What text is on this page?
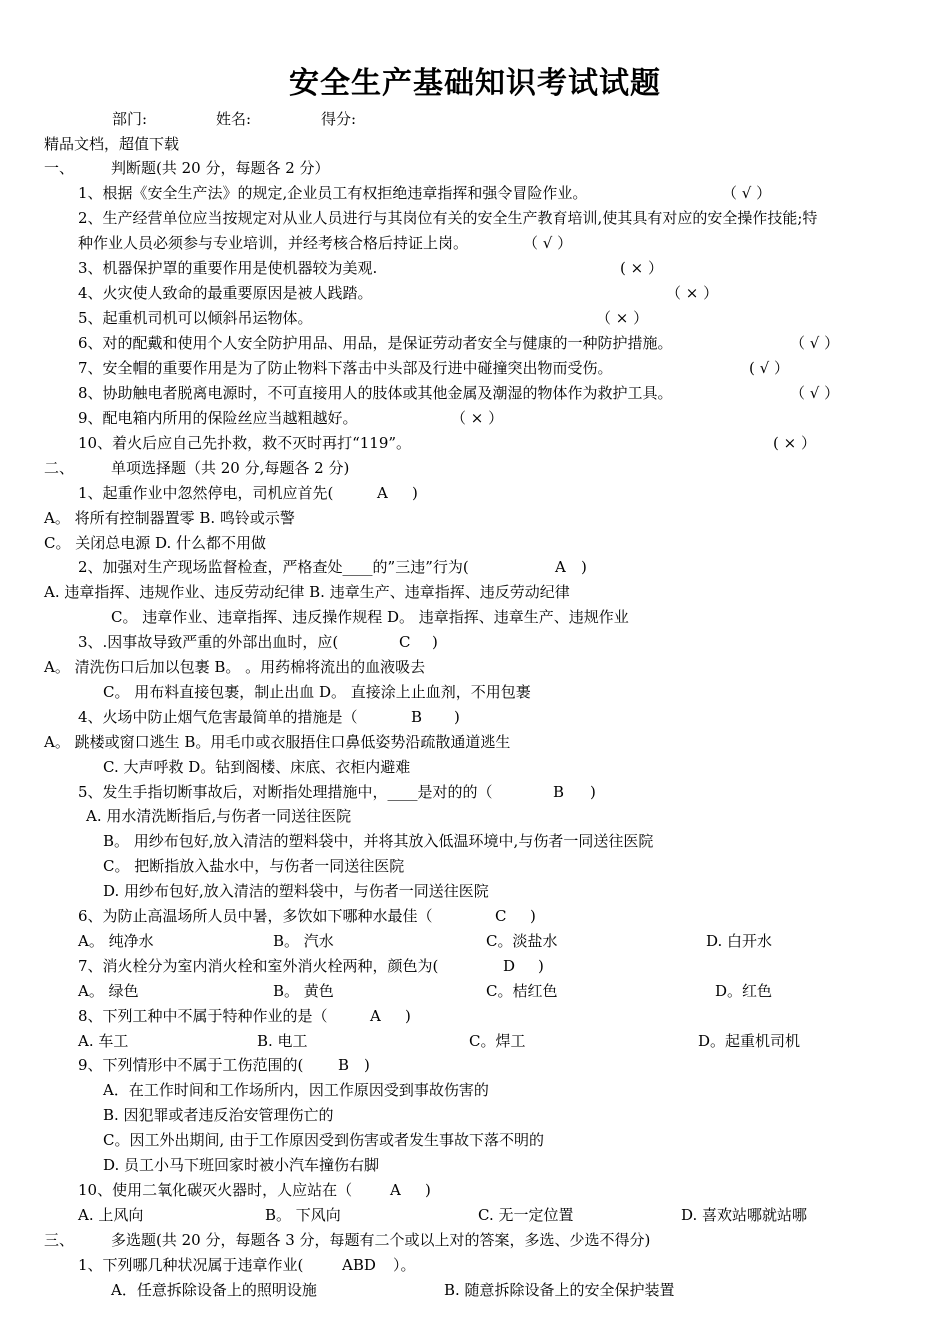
安全生产基础知识考试试题
部门:	姓名:	得分:
精品文档，超值下载
一、 判断题(共 20 分，每题各 2 分）
1、根据《安全生产法》的规定,企业员工有权拒绝违章指挥和强令冒险作业。	（ √ ）
2、生产经营单位应当按规定对从业人员进行与其岗位有关的安全生产教育培训,使其具有对应的安全操作技能;特
种作业人员必须参与专业培训，并经考核合格后持证上岗。	（ √ ）
3、机器保护罩的重要作用是使机器较为美观.	( × ）
4、火灾使人致命的最重要原因是被人践踏。	（ × ）
5、起重机司机可以倾斜吊运物体。	（ × ）
6、对的配戴和使用个人安全防护用品、用品，是保证劳动者安全与健康的一种防护措施。	（ √ ）
7、安全帽的重要作用是为了防止物料下落击中头部及行进中碰撞突出物而受伤。	( √ ）
8、协助触电者脱离电源时，不可直接用人的肢体或其他金属及潮湿的物体作为救护工具。	（ √ ）
9、配电箱内所用的保险丝应当越粗越好。	（ × ）
10、着火后应自己先扑救，救不灭时再打“119”。	( × ）
二、 单项选择题（共 20 分,每题各 2 分)
1、起重作业中忽然停电，司机应首先(	A )
A。 将所有控制器置零 B. 鸣铃或示警
C。 关闭总电源 D. 什么都不用做
2、加强对生产现场监督检查，严格查处____的”三违”行为(	A )
A. 违章指挥、违规作业、违反劳动纪律 B. 违章生产、违章指挥、违反劳动纪律
C。 违章作业、违章指挥、违反操作规程 D。 违章指挥、违章生产、违规作业
3、.因事故导致严重的外部出血时，应(	C )
A。 清洗伤口后加以包裹 B。 。用药棉将流出的血液吸去
C。 用布料直接包裹，制止出血 D。 直接涂上止血剂，不用包裹
4、火场中防止烟气危害最简单的措施是（	B )
A。 跳楼或窗口逃生 B。用毛巾或衣服捂住口鼻低姿势沿疏散通道逃生
C. 大声呼救 D。钻到阁楼、床底、衣柜内避难
5、发生手指切断事故后，对断指处理措施中，____是对的的（	B )
A. 用水清洗断指后,与伤者一同送往医院
B。 用纱布包好,放入清洁的塑料袋中，并将其放入低温环境中,与伤者一同送往医院
C。 把断指放入盐水中，与伤者一同送往医院
D. 用纱布包好,放入清洁的塑料袋中，与伤者一同送往医院
6、为防止高温场所人员中暑，多饮如下哪种水最佳（	C )
A。 纯净水	B。 汽水	C。淡盐水	D. 白开水
7、消火栓分为室内消火栓和室外消火栓两种，颜色为(	D )
A。 绿色	B。 黄色	C。桔红色	D。红色
8、下列工种中不属于特种作业的是（	A )
A. 车工	B. 电工	C。焊工	D。起重机司机
9、下列情形中不属于工伤范围的( B )
A．在工作时间和工作场所内，因工作原因受到事故伤害的
B. 因犯罪或者违反治安管理伤亡的
C。因工外出期间, 由于工作原因受到伤害或者发生事故下落不明的
D. 员工小马下班回家时被小汽车撞伤右脚
10、使用二氧化碳灭火器时，人应站在（	A )
A. 上风向	B。 下风向	C. 无一定位置	D. 喜欢站哪就站哪
三、 多选题(共 20 分，每题各 3 分，每题有二个或以上对的答案，多选、少选不得分)
1、下列哪几种状况属于违章作业(	ABD ）。
A．任意拆除设备上的照明设施	B. 随意拆除设备上的安全保护装置
